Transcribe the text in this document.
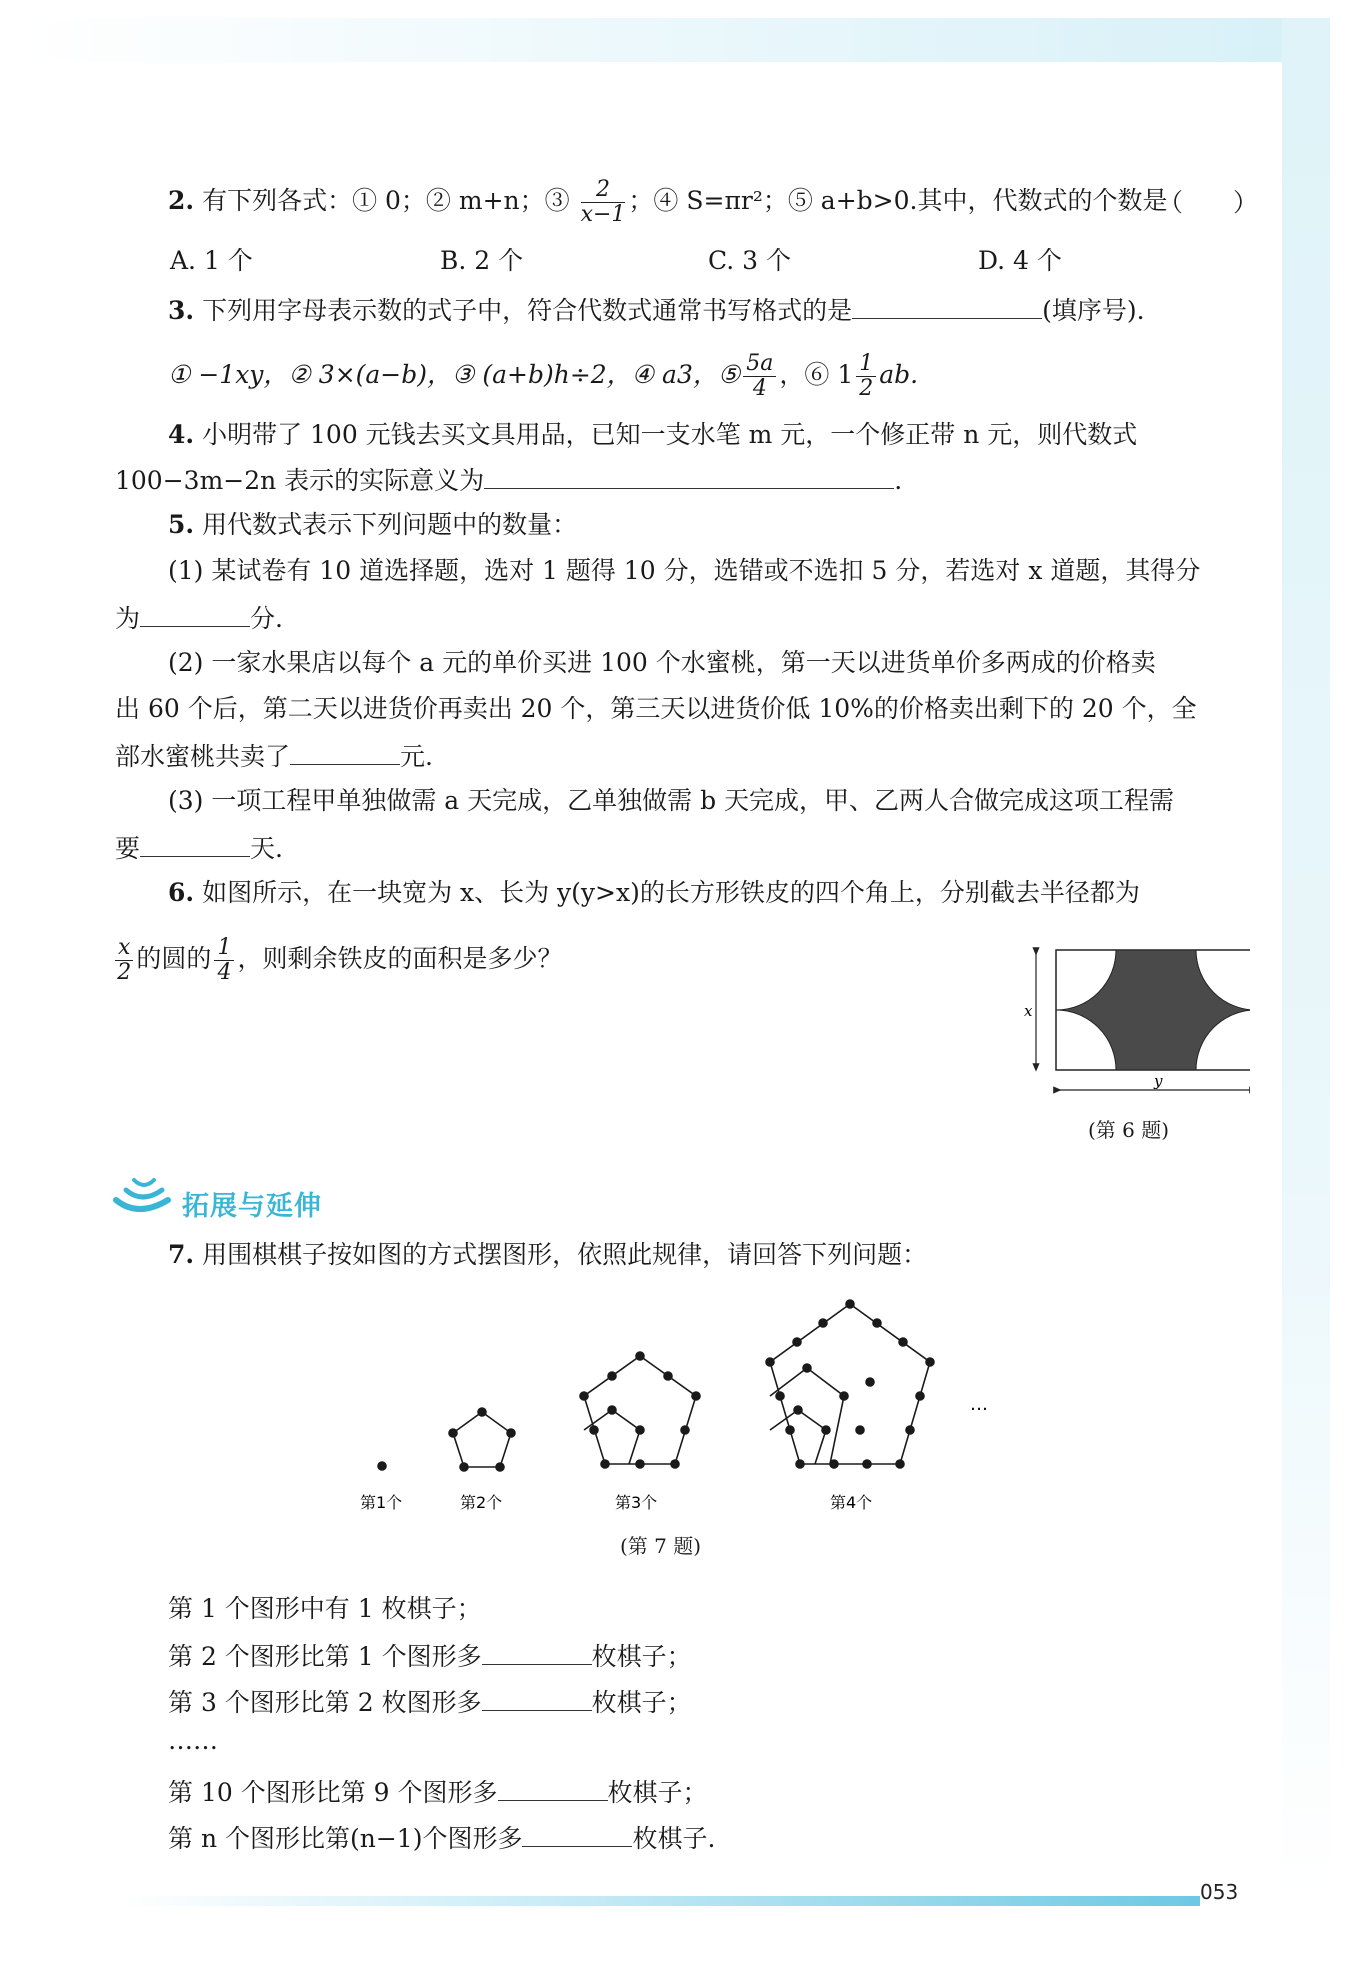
2. 有下列各式：① 0；② m+n；③ $\frac{2}{x-1}$ ；④ S=πr²；⑤ a+b>0.其中，代数式的个数是
（　　）
A. 1 个	B. 2 个	C. 3 个	D. 4 个
3. 下列用字母表示数的式子中，符合代数式通常书写格式的是	(填序号).
① −1xy，② 3×(a−b)，③ (a+b)h÷2，④ a3，⑤ $\frac{5a}{4}$ ，⑥ $1 \frac{1}{2}$ ab.
4. 小明带了 100 元钱去买文具用品，已知一支水笔 m 元，一个修正带 n 元，则代数式
100−3m−2n 表示的实际意义为	.
5. 用代数式表示下列问题中的数量：
(1) 某试卷有 10 道选择题，选对 1 题得 10 分，选错或不选扣 5 分，若选对 x 道题，其得分
为	分.
(2) 一家水果店以每个 a 元的单价买进 100 个水蜜桃，第一天以进货单价多两成的价格卖
出 60 个后，第二天以进货价再卖出 20 个，第三天以进货价低 10%的价格卖出剩下的 20 个，全
部水蜜桃共卖了	元.
(3) 一项工程甲单独做需 a 天完成，乙单独做需 b 天完成，甲、乙两人合做完成这项工程需
要	天.
6. 如图所示，在一块宽为 x、长为 y(y>x)的长方形铁皮的四个角上，分别截去半径都为
$\frac{x}{2}$ 的圆的 $\frac{1}{4}$ ，则剩余铁皮的面积是多少？
x
y
(第 6 题)
拓展与延伸
7. 用围棋棋子按如图的方式摆图形，依照此规律，请回答下列问题：
…
第1个	第2个	第3个	第4个
(第 7 题)
第 1 个图形中有 1 枚棋子；
第 2 个图形比第 1 个图形多	枚棋子；
第 3 个图形比第 2 枚图形多	枚棋子；
……
第 10 个图形比第 9 个图形多	枚棋子；
第 n 个图形比第(n−1)个图形多	枚棋子.
053
